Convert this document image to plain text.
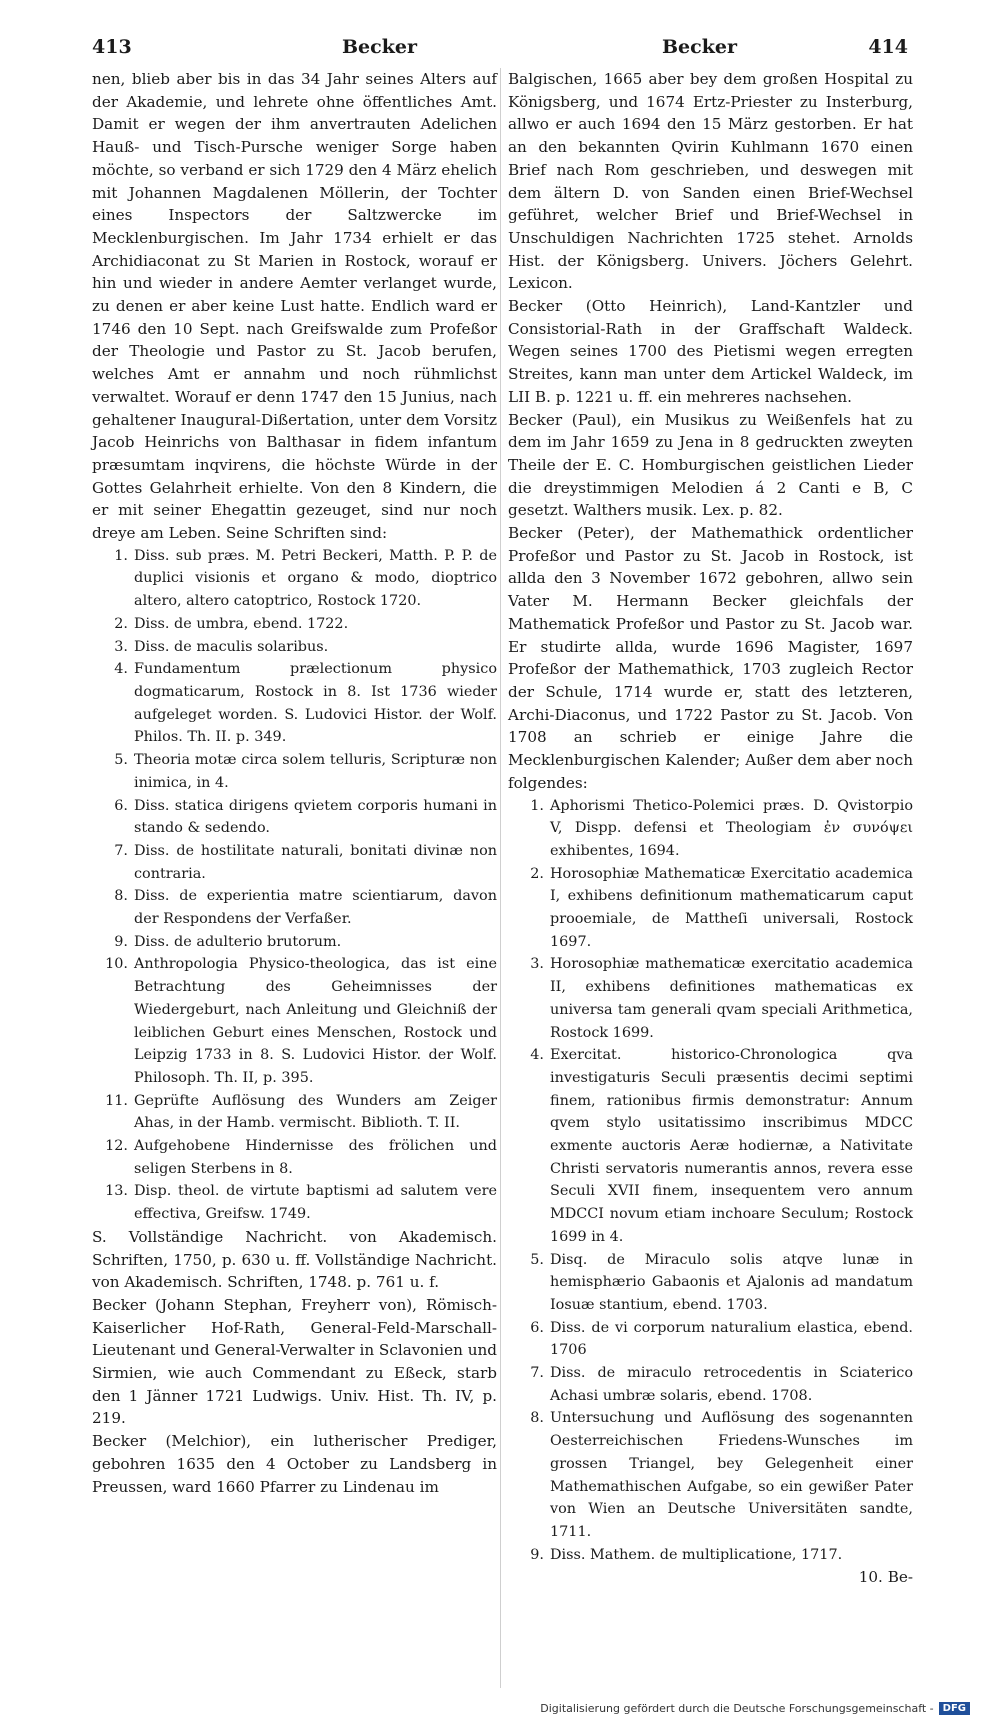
413	Becker	Becker	414

nen, blieb aber bis in das 34 Jahr seines Alters auf der Akademie, und lehrete ohne öffentliches Amt. Damit er wegen der ihm anvertrauten Adelichen Hauß- und Tisch-Pursche weniger Sorge haben möchte, so verband er sich 1729 den 4 März ehelich mit Johannen Magdalenen Möllerin, der Tochter eines Inspectors der Saltzwercke im Mecklenburgischen. Im Jahr 1734 erhielt er das Archidiaconat zu St Marien in Rostock, worauf er hin und wieder in andere Aemter verlanget wurde, zu denen er aber keine Lust hatte. Endlich ward er 1746 den 10 Sept. nach Greifswalde zum Profeßor der Theologie und Pastor zu St. Jacob berufen, welches Amt er annahm und noch rühmlichst verwaltet. Worauf er denn 1747 den 15 Junius, nach gehaltener Inaugural-Dißertation, unter dem Vorsitz Jacob Heinrichs von Balthasar in fidem infantum præsumtam inqvirens, die höchste Würde in der Gottes Gelahrheit erhielte. Von den 8 Kindern, die er mit seiner Ehegattin gezeuget, sind nur noch dreye am Leben. Seine Schriften sind:

1. Diss. sub præs. M. Petri Beckeri, Matth. P. P. de duplici visionis et organo & modo, dioptrico altero, altero catoptrico, Rostock 1720.
2. Diss. de umbra, ebend. 1722.
3. Diss. de maculis solaribus.
4. Fundamentum prælectionum physico dogmaticarum, Rostock in 8. Ist 1736 wieder aufgeleget worden. S. Ludovici Histor. der Wolf. Philos. Th. II. p. 349.
5. Theoria motæ circa solem telluris, Scripturæ non inimica, in 4.
6. Diss. statica dirigens qvietem corporis humani in stando & sedendo.
7. Diss. de hostilitate naturali, bonitati divinæ non contraria.
8. Diss. de experientia matre scientiarum, davon der Respondens der Verfaßer.
9. Diss. de adulterio brutorum.
10. Anthropologia Physico-theologica, das ist eine Betrachtung des Geheimnisses der Wiedergeburt, nach Anleitung und Gleichniß der leiblichen Geburt eines Menschen, Rostock und Leipzig 1733 in 8. S. Ludovici Histor. der Wolf. Philosoph. Th. II, p. 395.
11. Geprüfte Auflösung des Wunders am Zeiger Ahas, in der Hamb. vermischt. Biblioth. T. II.
12. Aufgehobene Hindernisse des frölichen und seligen Sterbens in 8.
13. Disp. theol. de virtute baptismi ad salutem vere effectiva, Greifsw. 1749.

S. Vollständige Nachricht. von Akademisch. Schriften, 1750, p. 630 u. ff. Vollständige Nachricht. von Akademisch. Schriften, 1748. p. 761 u. f.

Becker (Johann Stephan, Freyherr von), Römisch-Kaiserlicher Hof-Rath, General-Feld-Marschall-Lieutenant und General-Verwalter in Sclavonien und Sirmien, wie auch Commendant zu Eßeck, starb den 1 Jänner 1721 Ludwigs. Univ. Hist. Th. IV, p. 219.

Becker (Melchior), ein lutherischer Prediger, gebohren 1635 den 4 October zu Landsberg in Preussen, ward 1660 Pfarrer zu Lindenau im

Balgischen, 1665 aber bey dem großen Hospital zu Königsberg, und 1674 Ertz-Priester zu Insterburg, allwo er auch 1694 den 15 März gestorben. Er hat an den bekannten Qvirin Kuhlmann 1670 einen Brief nach Rom geschrieben, und deswegen mit dem ältern D. von Sanden einen Brief-Wechsel geführet, welcher Brief und Brief-Wechsel in Unschuldigen Nachrichten 1725 stehet. Arnolds Hist. der Königsberg. Univers. Jöchers Gelehrt. Lexicon.

Becker (Otto Heinrich), Land-Kantzler und Consistorial-Rath in der Graffschaft Waldeck. Wegen seines 1700 des Pietismi wegen erregten Streites, kann man unter dem Artickel Waldeck, im LII B. p. 1221 u. ff. ein mehreres nachsehen.

Becker (Paul), ein Musikus zu Weißenfels hat zu dem im Jahr 1659 zu Jena in 8 gedruckten zweyten Theile der E. C. Homburgischen geistlichen Lieder die dreystimmigen Melodien á 2 Canti e B, C gesetzt. Walthers musik. Lex. p. 82.

Becker (Peter), der Mathemathick ordentlicher Profeßor und Pastor zu St. Jacob in Rostock, ist allda den 3 November 1672 gebohren, allwo sein Vater M. Hermann Becker gleichfals der Mathematick Profeßor und Pastor zu St. Jacob war. Er studirte allda, wurde 1696 Magister, 1697 Profeßor der Mathemathick, 1703 zugleich Rector der Schule, 1714 wurde er, statt des letzteren, Archi-Diaconus, und 1722 Pastor zu St. Jacob. Von 1708 an schrieb er einige Jahre die Mecklenburgischen Kalender; Außer dem aber noch folgendes:

1. Aphorismi Thetico-Polemici præs. D. Qvistorpio V, Dispp. defensi et Theologiam ἐν συνόψει exhibentes, 1694.
2. Horosophiæ Mathematicæ Exercitatio academica I, exhibens definitionum mathematicarum caput prooemiale, de Mattheſi universali, Rostock 1697.
3. Horosophiæ mathematicæ exercitatio academica II, exhibens definitiones mathematicas ex universa tam generali qvam speciali Arithmetica, Rostock 1699.
4. Exercitat. historico-Chronologica qva investigaturis Seculi præsentis decimi septimi finem, rationibus firmis demonstratur: Annum qvem stylo usitatissimo inscribimus MDCC exmente auctoris Aeræ hodiernæ, a Nativitate Christi servatoris numerantis annos, revera esse Seculi XVII finem, insequentem vero annum MDCCI novum etiam inchoare Seculum; Rostock 1699 in 4.
5. Disq. de Miraculo solis atqve lunæ in hemisphærio Gabaonis et Ajalonis ad mandatum Iosuæ stantium, ebend. 1703.
6. Diss. de vi corporum naturalium elastica, ebend. 1706
7. Diss. de miraculo retrocedentis in Sciaterico Achasi umbræ solaris, ebend. 1708.
8. Untersuchung und Auflösung des sogenannten Oesterreichischen Friedens-Wunsches im grossen Triangel, bey Gelegenheit einer Mathemathischen Aufgabe, so ein gewißer Pater von Wien an Deutsche Universitäten sandte, 1711.
9. Diss. Mathem. de multiplicatione, 1717.

10. Be-

Digitalisierung gefördert durch die Deutsche Forschungsgemeinschaft - DFG
